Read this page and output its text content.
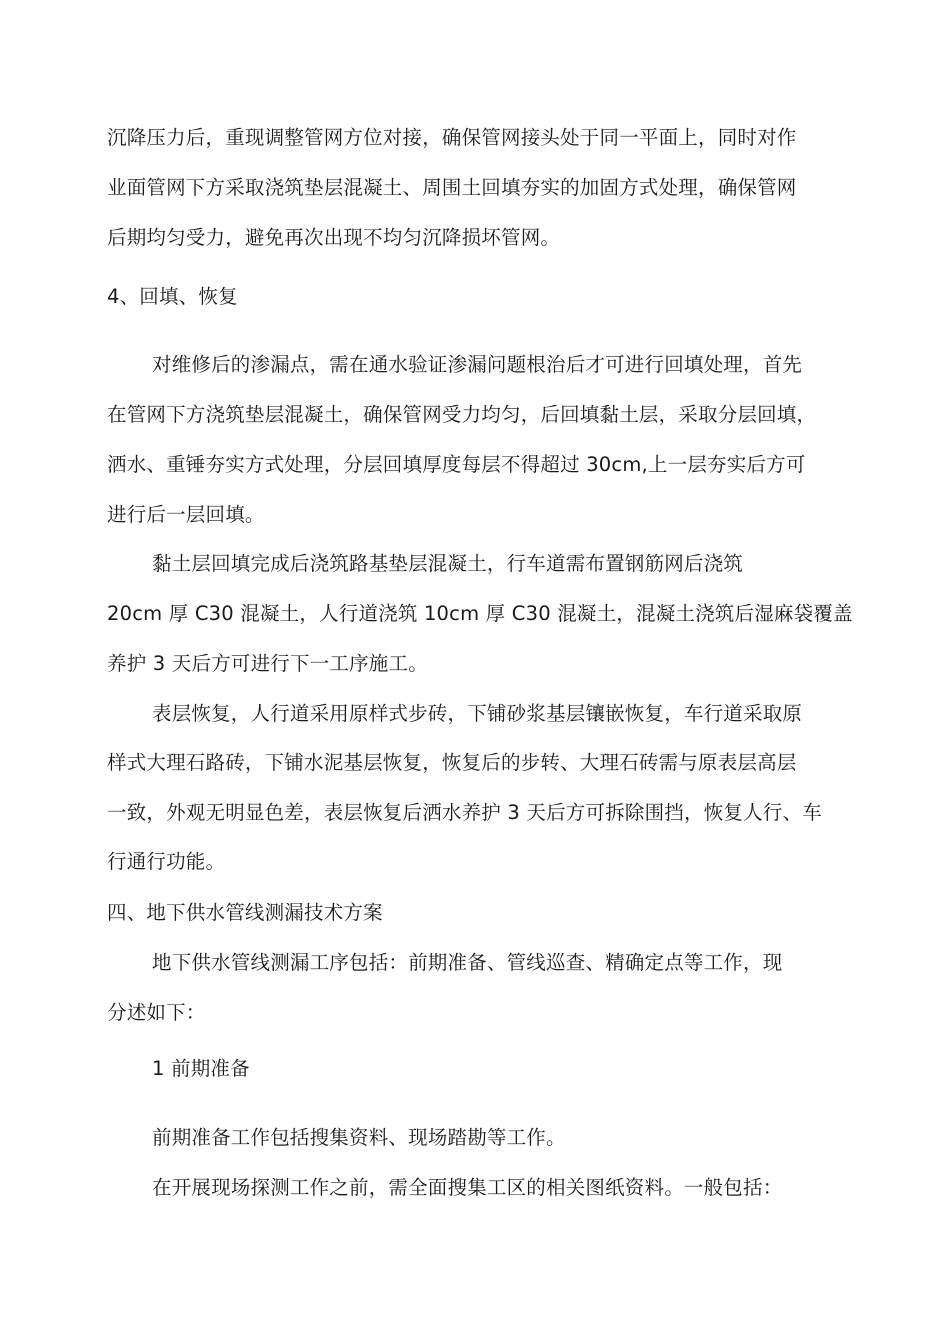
沉降压力后，重现调整管网方位对接，确保管网接头处于同一平面上，同时对作
业面管网下方采取浇筑垫层混凝土、周围土回填夯实的加固方式处理，确保管网
后期均匀受力，避免再次出现不均匀沉降损坏管网。
4、回填、恢复
对维修后的渗漏点，需在通水验证渗漏问题根治后才可进行回填处理，首先
在管网下方浇筑垫层混凝土，确保管网受力均匀，后回填黏土层，采取分层回填，
洒水、重锤夯实方式处理，分层回填厚度每层不得超过 30cm,上一层夯实后方可
进行后一层回填。
黏土层回填完成后浇筑路基垫层混凝土，行车道需布置钢筋网后浇筑
20cm 厚 C30 混凝土，人行道浇筑 10cm 厚 C30 混凝土，混凝土浇筑后湿麻袋覆盖
养护 3 天后方可进行下一工序施工。
表层恢复，人行道采用原样式步砖，下铺砂浆基层镶嵌恢复，车行道采取原
样式大理石路砖，下铺水泥基层恢复，恢复后的步转、大理石砖需与原表层高层
一致，外观无明显色差，表层恢复后洒水养护 3 天后方可拆除围挡，恢复人行、车
行通行功能。
四、地下供水管线测漏技术方案
地下供水管线测漏工序包括：前期准备、管线巡查、精确定点等工作，现
分述如下：
1 前期准备
前期准备工作包括搜集资料、现场踏勘等工作。
在开展现场探测工作之前，需全面搜集工区的相关图纸资料。一般包括：
